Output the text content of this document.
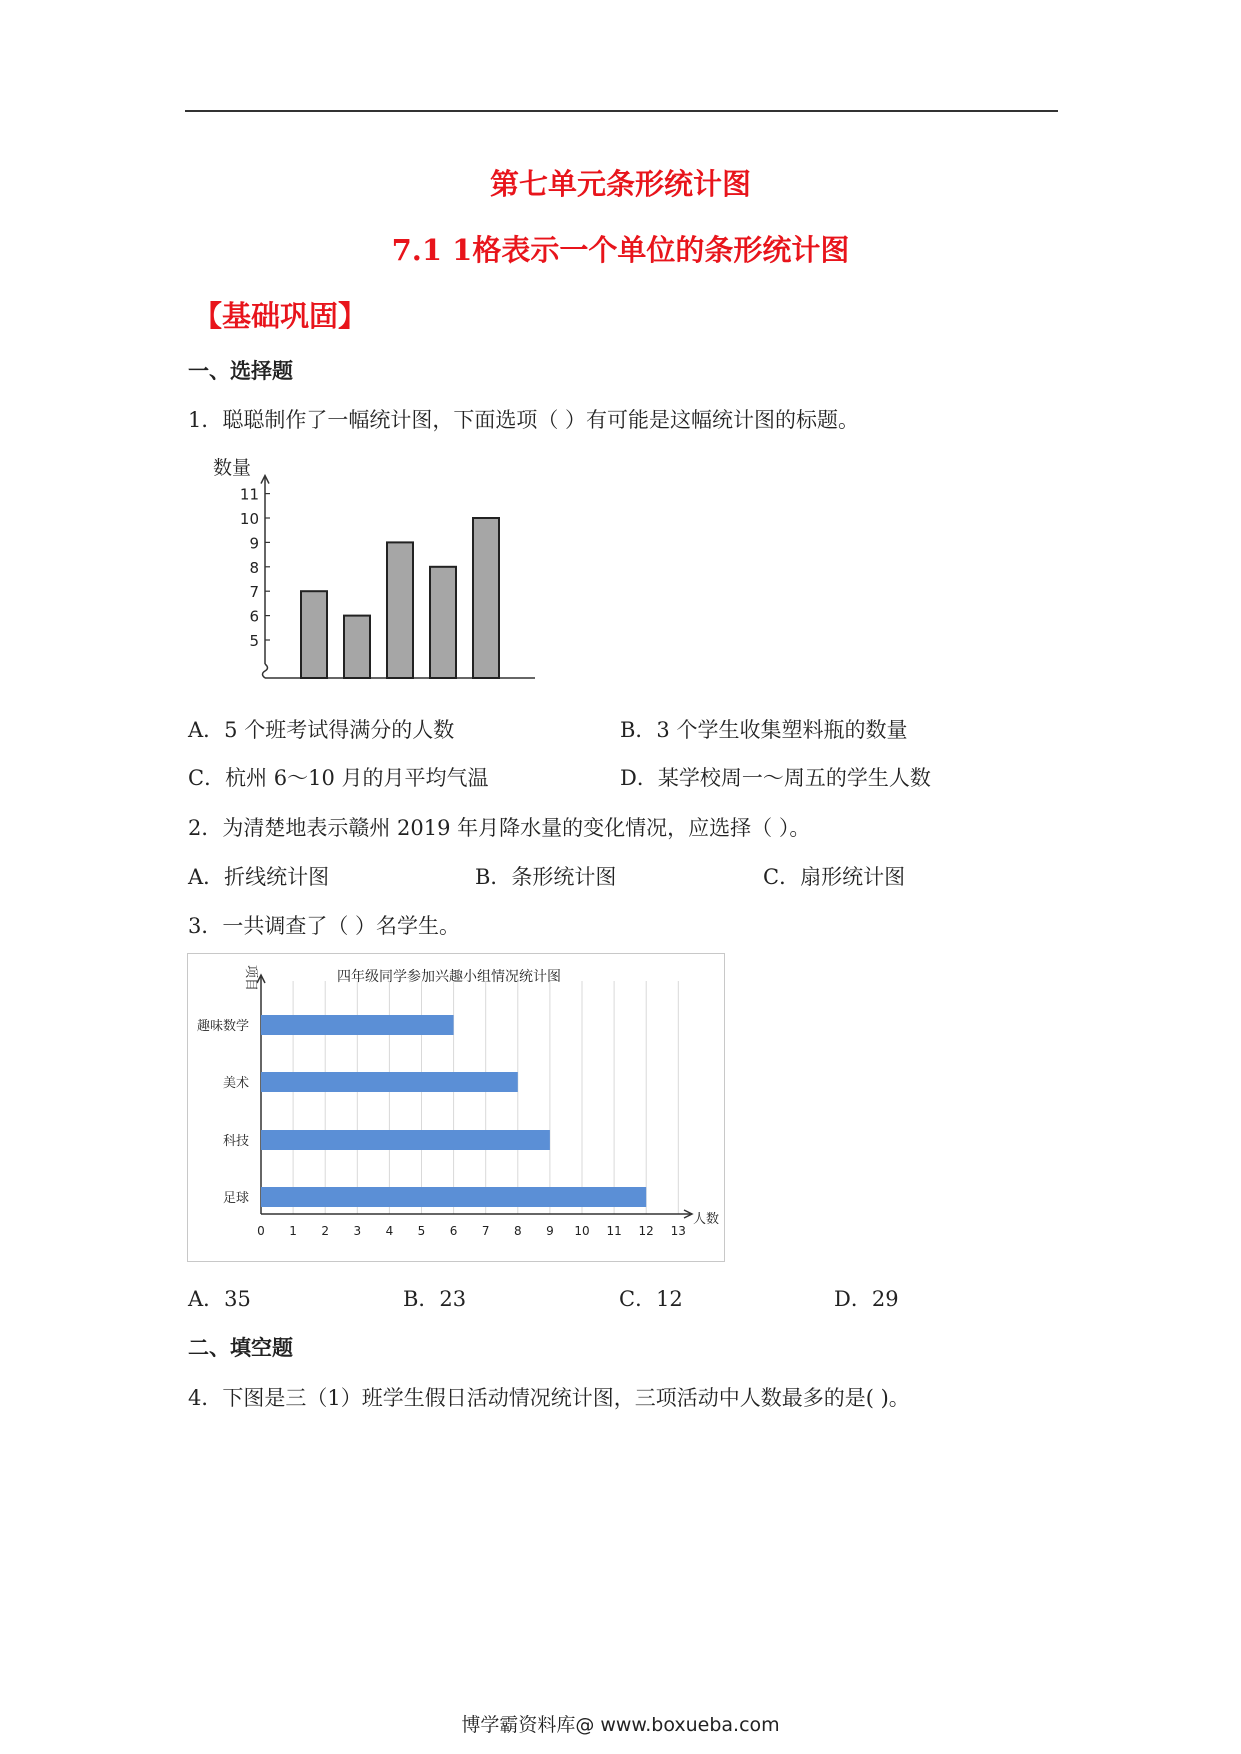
第七单元条形统计图
7.1 1格表示一个单位的条形统计图
【基础巩固】
一、选择题
1．聪聪制作了一幅统计图，下面选项（ ）有可能是这幅统计图的标题。
数量
5
6
7
8
9
10
11
A．5 个班考试得满分的人数	B．3 个学生收集塑料瓶的数量
C．杭州 6～10 月的月平均气温	D．某学校周一～周五的学生人数
2．为清楚地表示赣州 2019 年月降水量的变化情况，应选择（ ）。
A．折线统计图	B．条形统计图	C．扇形统计图
3．一共调查了（ ）名学生。
四年级同学参加兴趣小组情况统计图
项目
人数
0 1 2 3 4 5 6 7 8 9 10 11 12 13
趣味数学
美术
科技
足球
A．35	B．23	C．12	D．29
二、填空题
4．下图是三（1）班学生假日活动情况统计图，三项活动中人数最多的是( )。
博学霸资料库@ www.boxueba.com
